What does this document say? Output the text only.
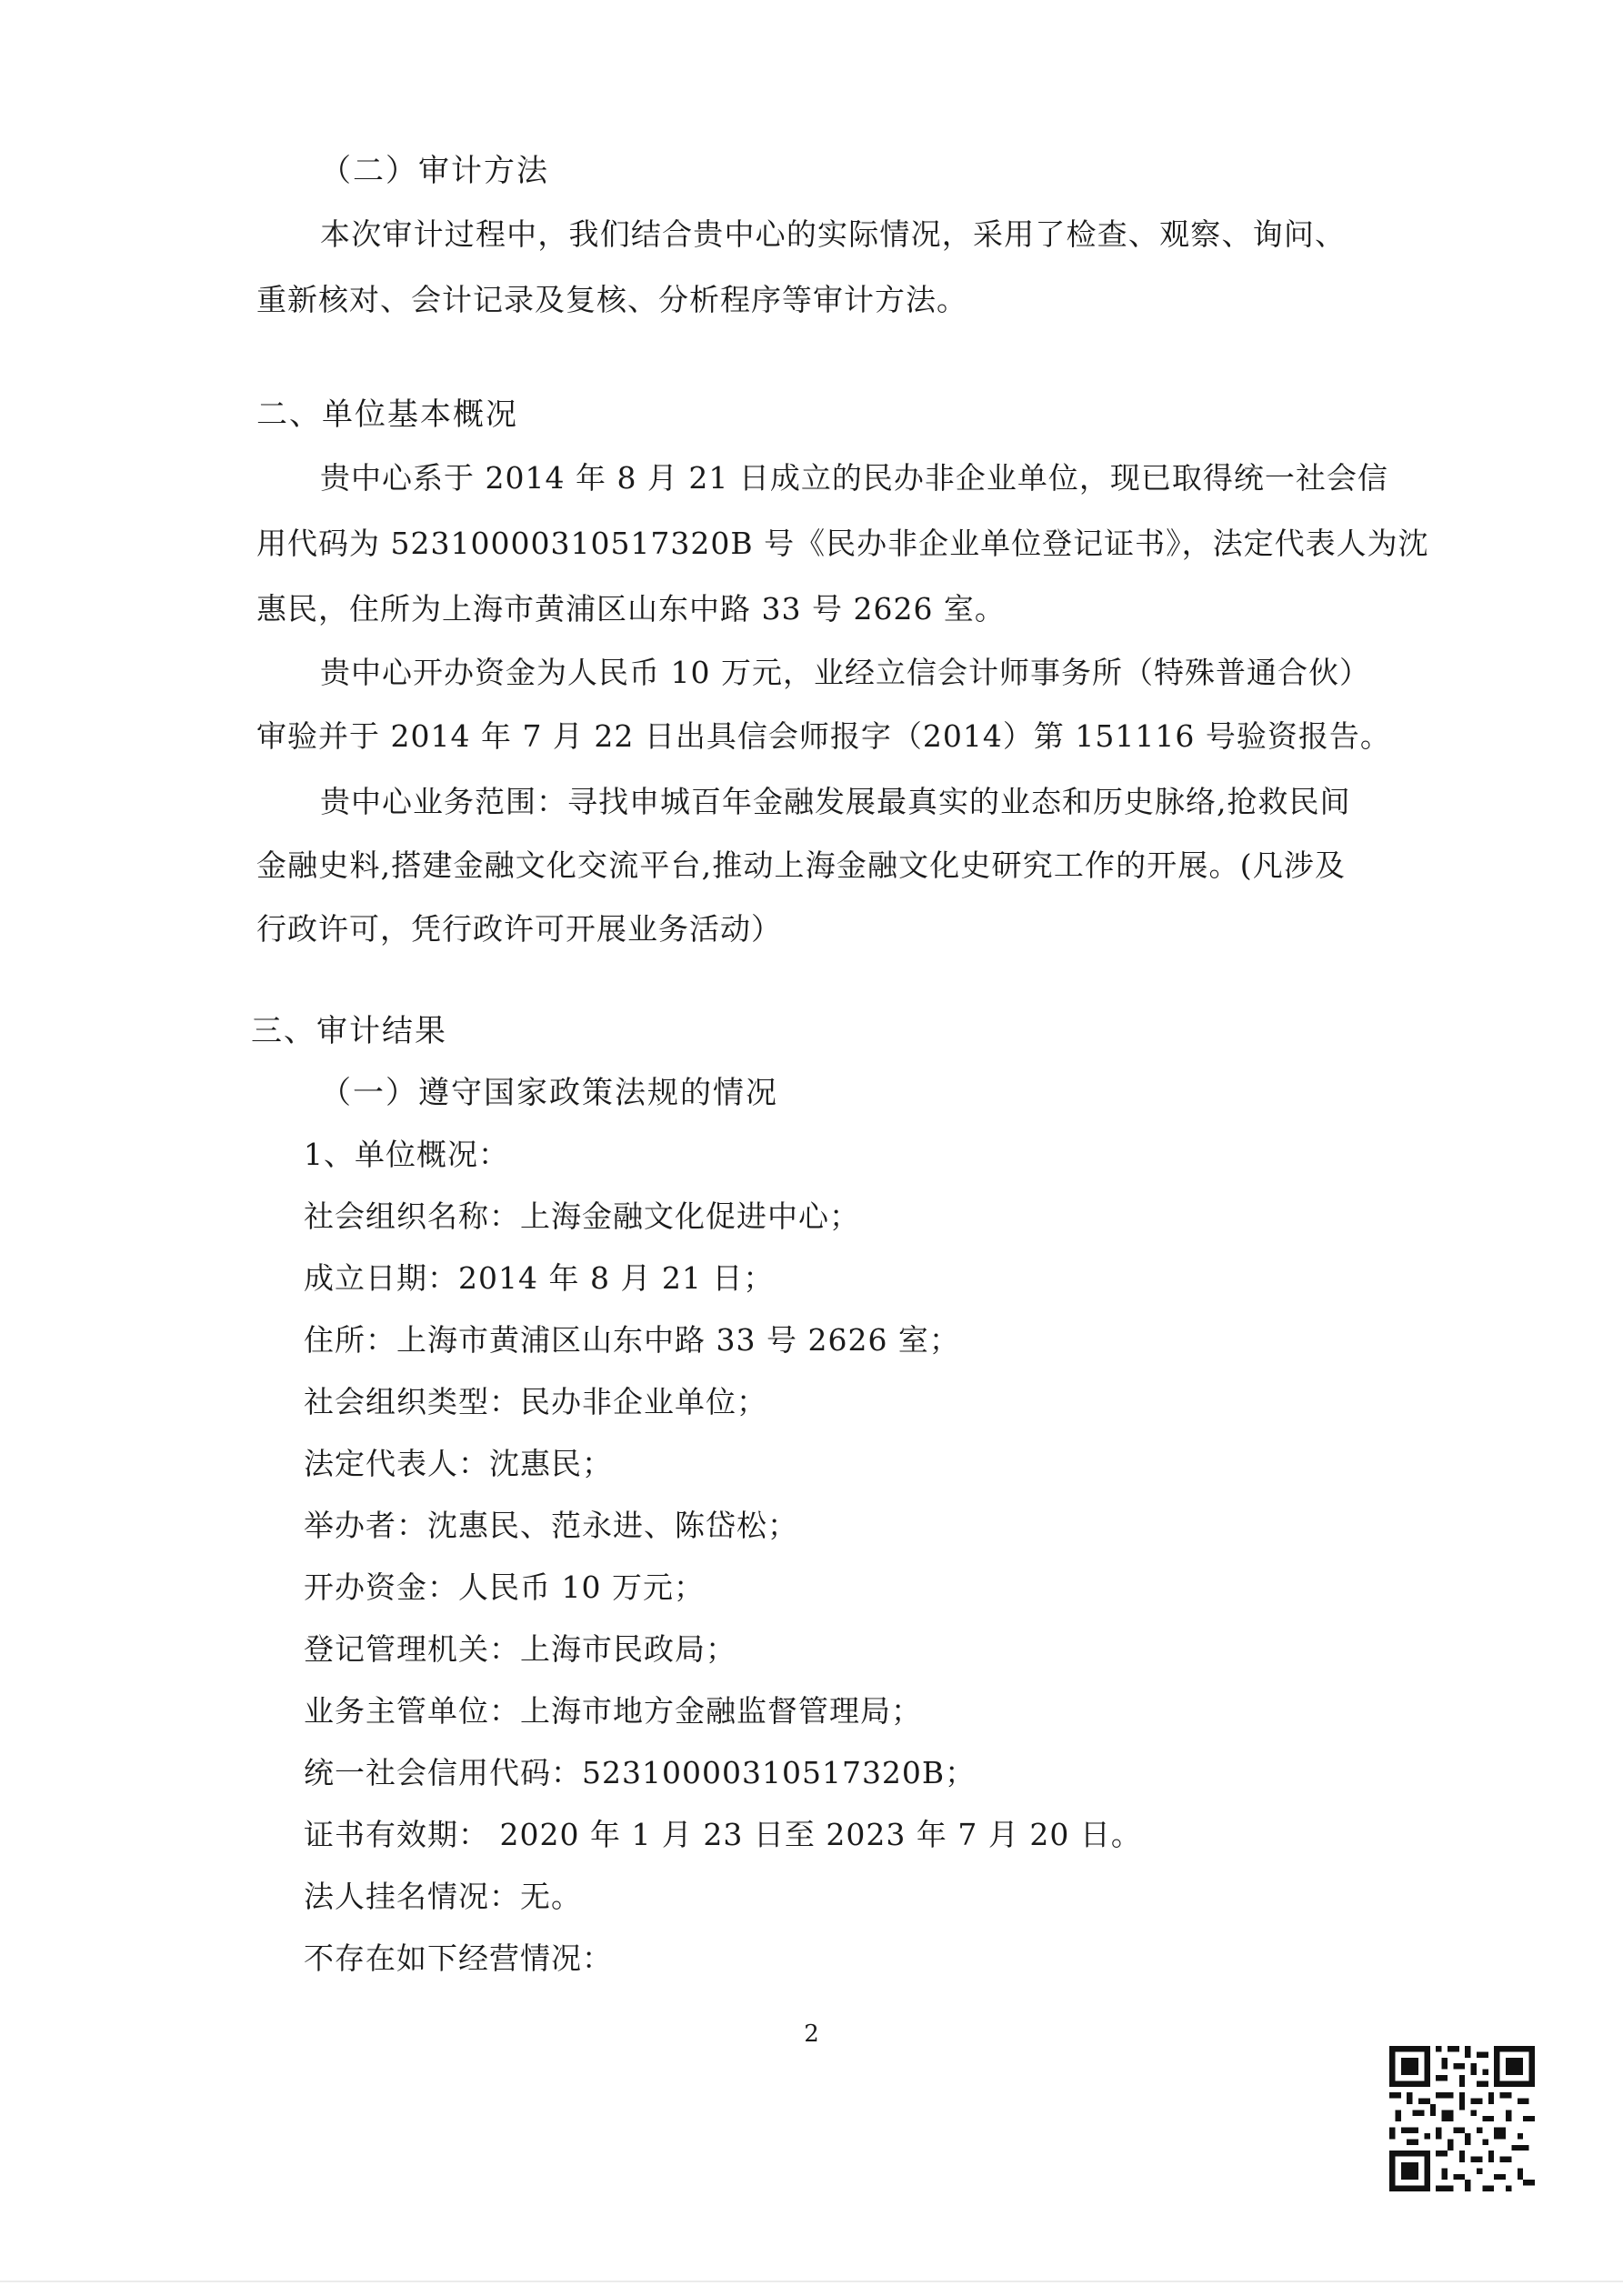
（二）审计方法
本次审计过程中，我们结合贵中心的实际情况，采用了检查、观察、询问、
重新核对、会计记录及复核、分析程序等审计方法。
二、单位基本概况
贵中心系于 2014 年 8 月 21 日成立的民办非企业单位，现已取得统一社会信
用代码为 52310000310517320B 号《民办非企业单位登记证书》，法定代表人为沈
惠民，住所为上海市黄浦区山东中路 33 号 2626 室。
贵中心开办资金为人民币 10 万元，业经立信会计师事务所（特殊普通合伙）
审验并于 2014 年 7 月 22 日出具信会师报字（2014）第 151116 号验资报告。
贵中心业务范围：寻找申城百年金融发展最真实的业态和历史脉络,抢救民间
金融史料,搭建金融文化交流平台,推动上海金融文化史研究工作的开展。(凡涉及
行政许可，凭行政许可开展业务活动）
三、审计结果
（一）遵守国家政策法规的情况
1、单位概况：
社会组织名称：上海金融文化促进中心；
成立日期：2014 年 8 月 21 日；
住所：上海市黄浦区山东中路 33 号 2626 室；
社会组织类型：民办非企业单位；
法定代表人：沈惠民；
举办者：沈惠民、范永进、陈岱松；
开办资金：人民币 10 万元；
登记管理机关：上海市民政局；
业务主管单位：上海市地方金融监督管理局；
统一社会信用代码：52310000310517320B；
证书有效期： 2020 年 1 月 23 日至 2023 年 7 月 20 日。
法人挂名情况：无。
不存在如下经营情况：
2
